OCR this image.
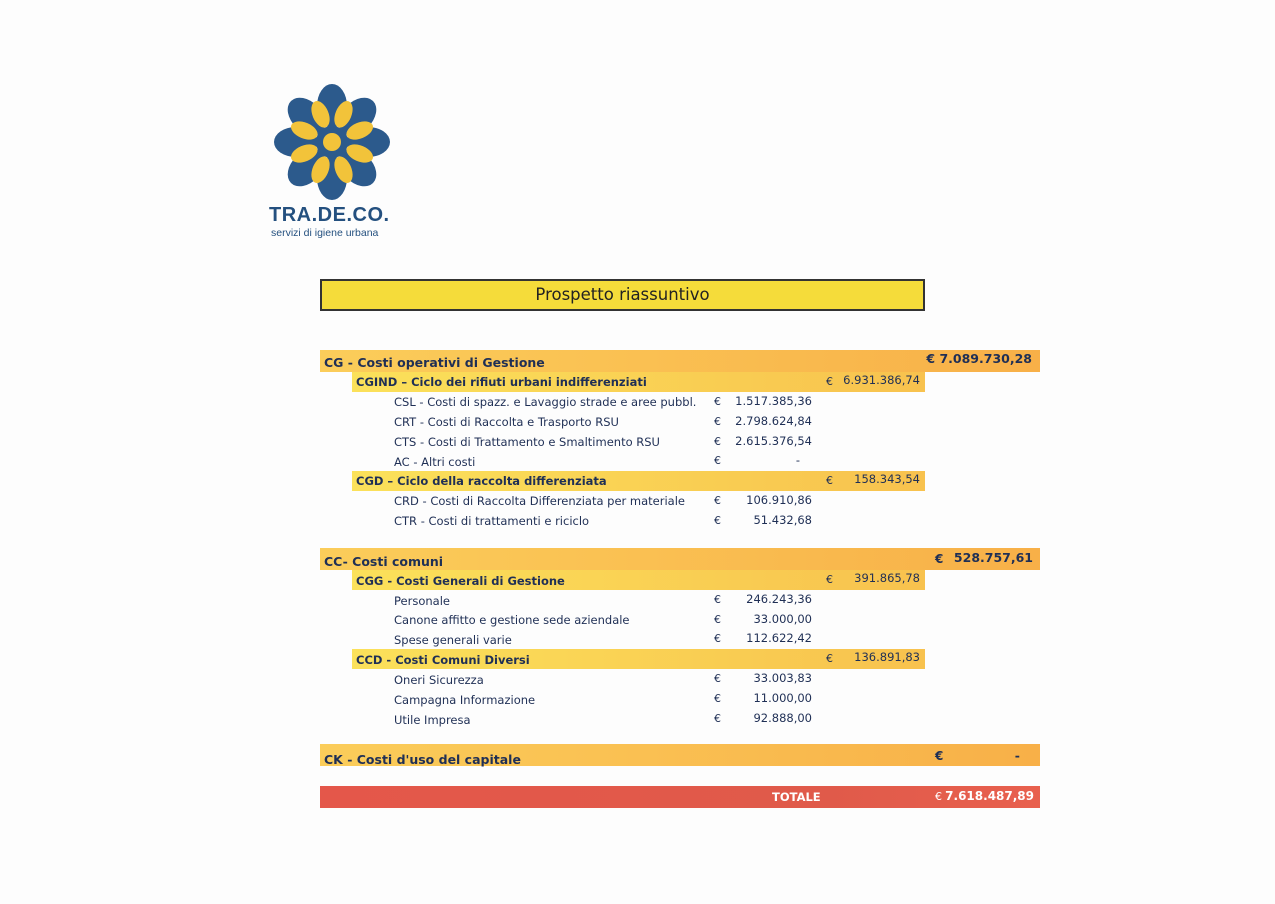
TRA.DE.CO.
servizi di igiene urbana
Prospetto riassuntivo
CG - Costi operativi di Gestione	€ 7.089.730,28
CGIND – Ciclo dei rifiuti urbani indifferenziati	€ 6.931.386,74
CSL - Costi di spazz. e Lavaggio strade e aree pubbl. €	1.517.385,36
CRT - Costi di Raccolta e Trasporto RSU	€	2.798.624,84
CTS - Costi di Trattamento e Smaltimento RSU	€	2.615.376,54
AC - Altri costi	€	-
CGD – Ciclo della raccolta differenziata	€	158.343,54
CRD - Costi di Raccolta Differenziata per materiale	€	106.910,86
CTR - Costi di trattamenti e riciclo	€	51.432,68
CC- Costi comuni	€ 528.757,61
CGG - Costi Generali di Gestione	€	391.865,78
Personale	€	246.243,36
Canone affitto e gestione sede aziendale	€	33.000,00
Spese generali varie	€	112.622,42
CCD - Costi Comuni Diversi	€	136.891,83
Oneri Sicurezza	€	33.003,83
Campagna Informazione	€	11.000,00
Utile Impresa	€	92.888,00
CK - Costi d'uso del capitale	€	-
TOTALE	€ 7.618.487,89
